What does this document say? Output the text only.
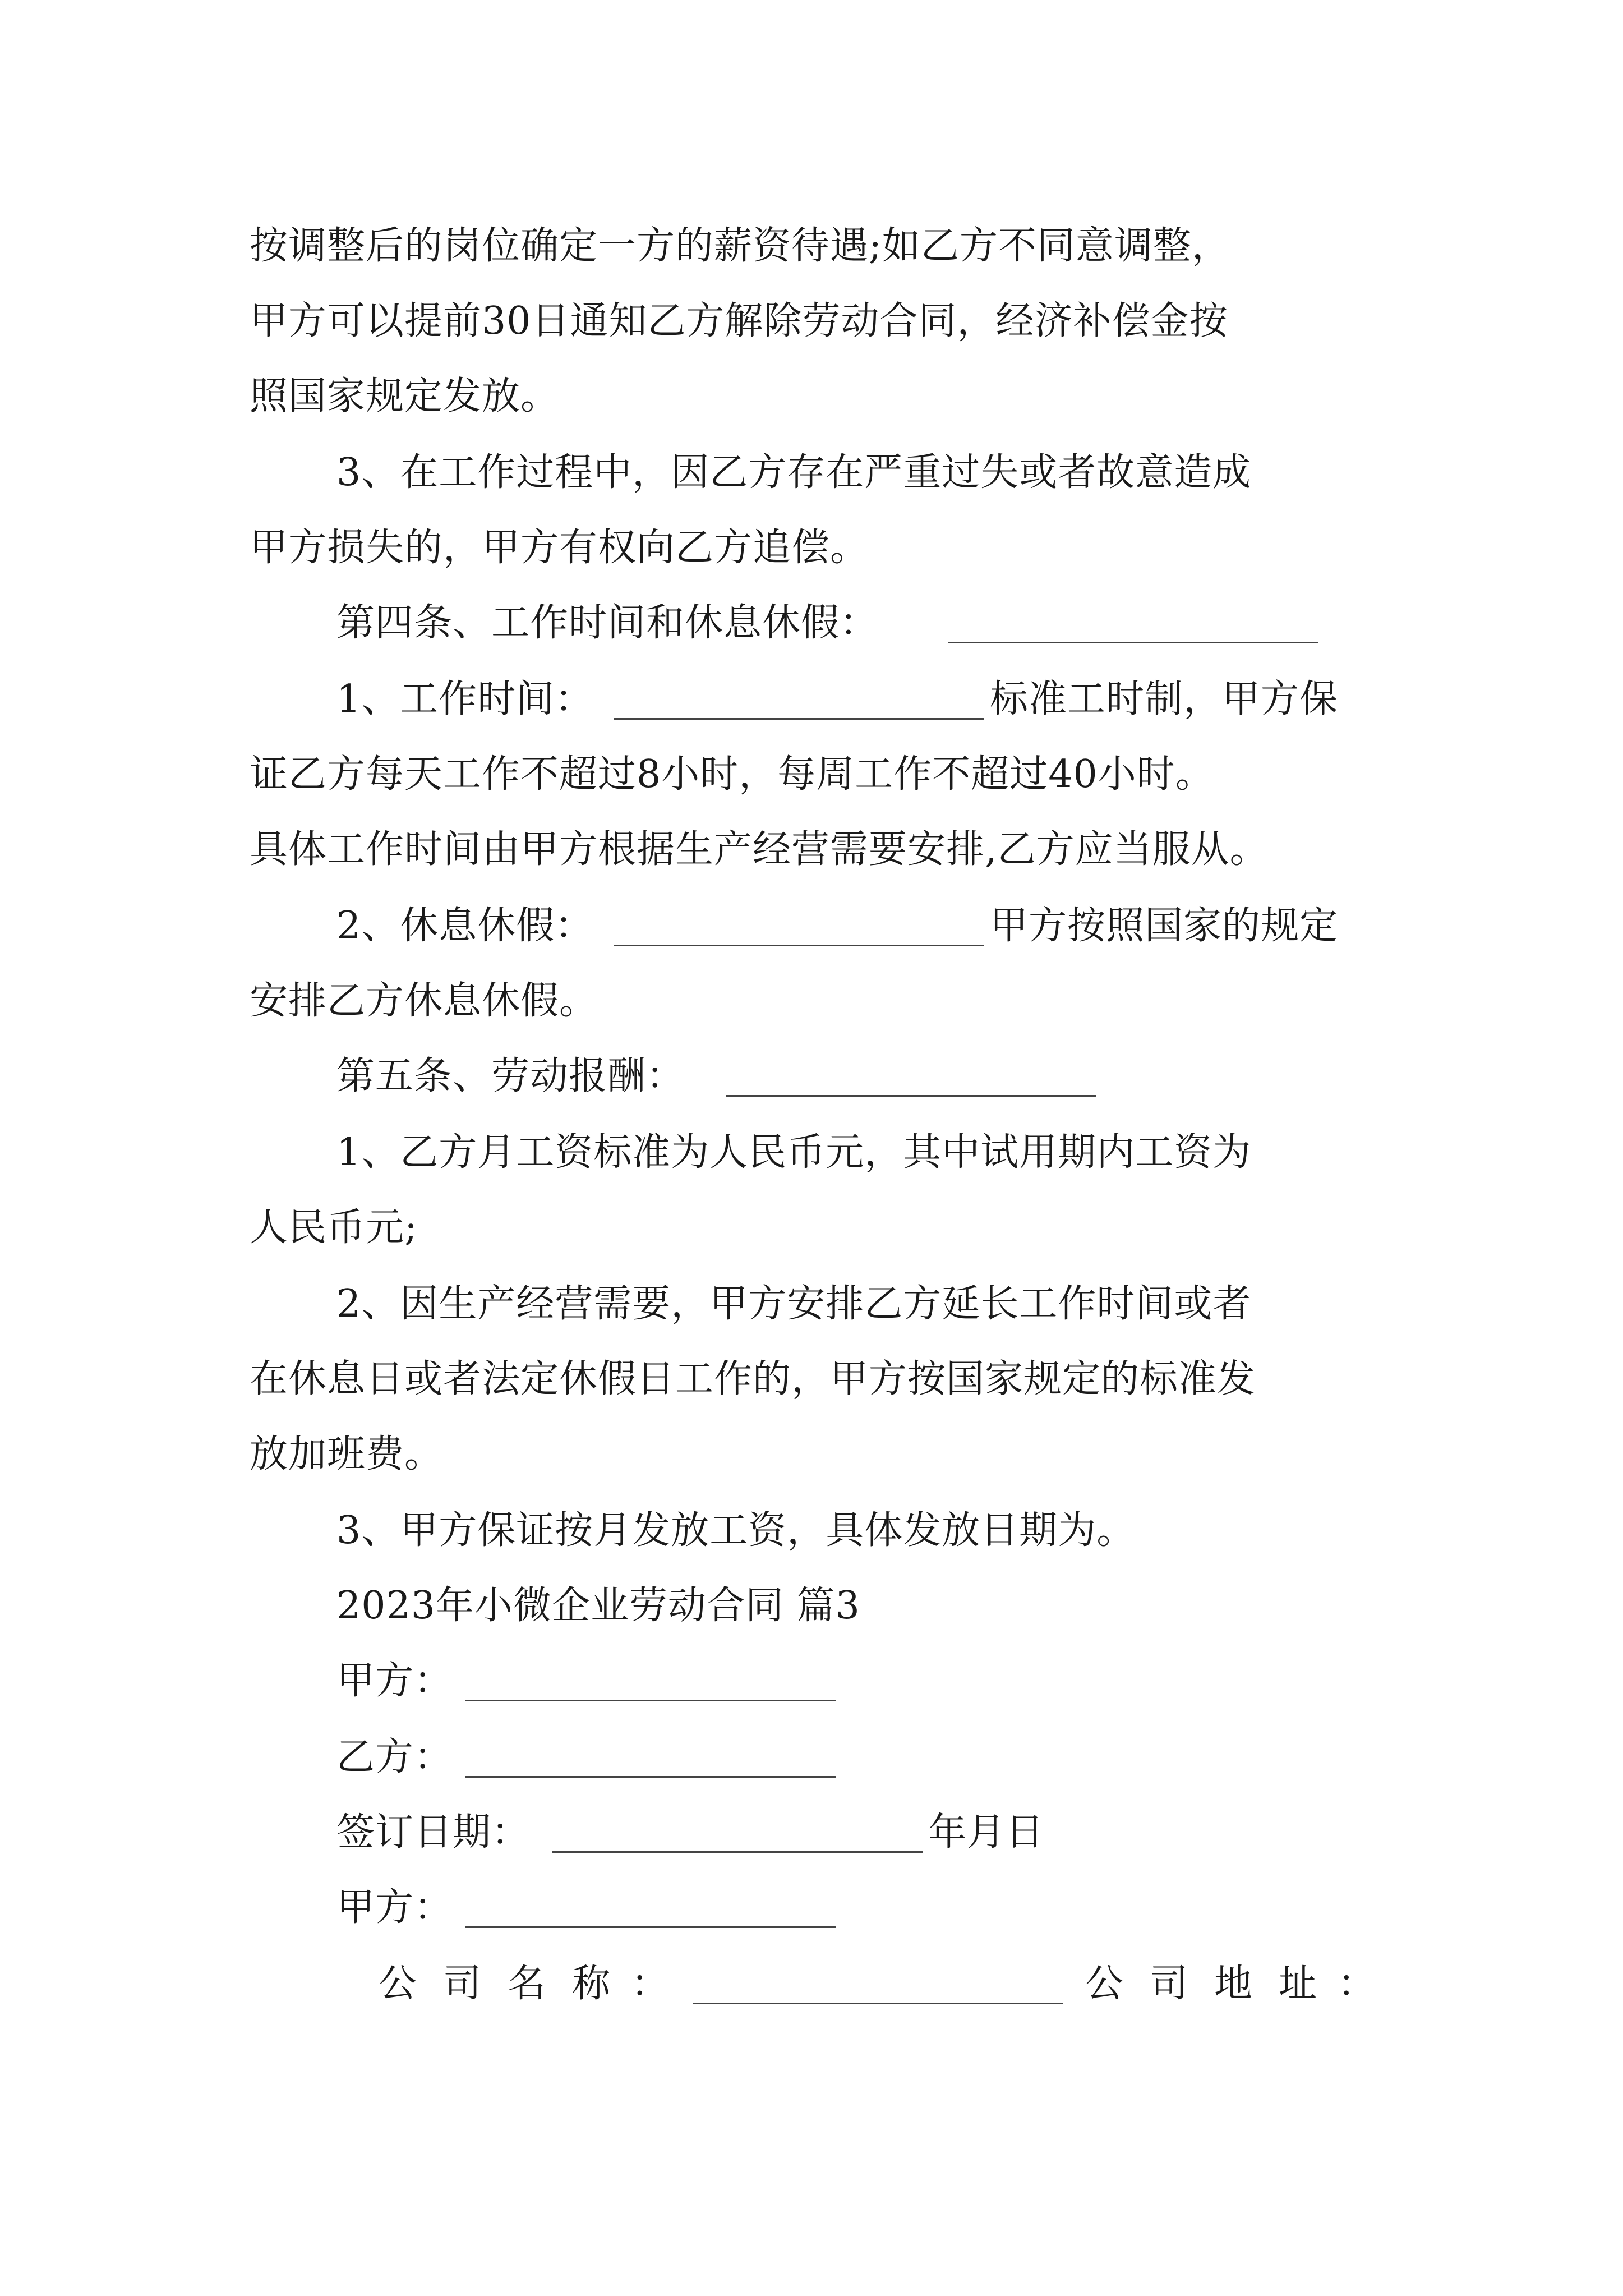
按调整后的岗位确定一方的薪资待遇;如乙方不同意调整，
甲方可以提前30日通知乙方解除劳动合同，经济补偿金按
照国家规定发放。
3、在工作过程中，因乙方存在严重过失或者故意造成
甲方损失的，甲方有权向乙方追偿。
第四条、工作时间和休息休假：
1、工作时间：	标准工时制，甲方保
证乙方每天工作不超过8小时，每周工作不超过40小时。
具体工作时间由甲方根据生产经营需要安排,乙方应当服从。
2、休息休假：	甲方按照国家的规定
安排乙方休息休假。
第五条、劳动报酬：
1、乙方月工资标准为人民币元，其中试用期内工资为
人民币元;
2、因生产经营需要，甲方安排乙方延长工作时间或者
在休息日或者法定休假日工作的，甲方按国家规定的标准发
放加班费。
3、甲方保证按月发放工资，具体发放日期为。
2023年小微企业劳动合同 篇3
甲方：
乙方：
签订日期：	年月日
甲方：
公 司 名 称 ：	公 司 地 址 ：
